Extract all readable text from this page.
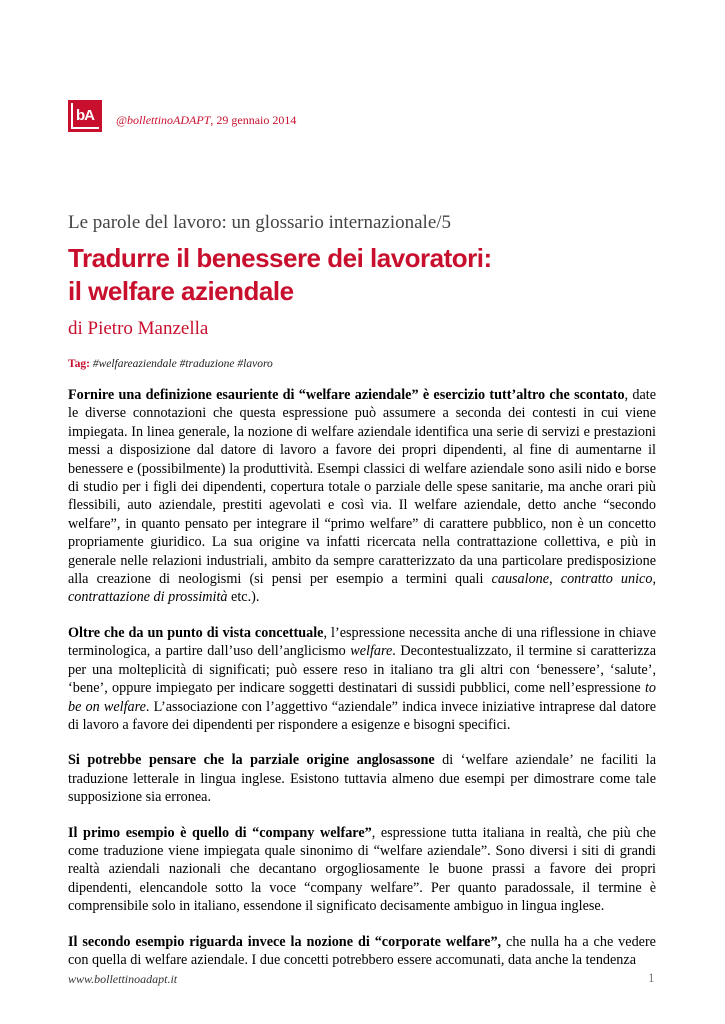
bA	@bollettinoADAPT, 29 gennaio 2014
Le parole del lavoro: un glossario internazionale/5
Tradurre il benessere dei lavoratori:
il welfare aziendale
di Pietro Manzella
Tag: #welfareaziendale #traduzione #lavoro

Fornire una definizione esauriente di “welfare aziendale” è esercizio tutt’altro che scontato, date le diverse connotazioni che questa espressione può assumere a seconda dei contesti in cui viene impiegata. In linea generale, la nozione di welfare aziendale identifica una serie di servizi e prestazioni messi a disposizione dal datore di lavoro a favore dei propri dipendenti, al fine di aumentarne il benessere e (possibilmente) la produttività. Esempi classici di welfare aziendale sono asili nido e borse di studio per i figli dei dipendenti, copertura totale o parziale delle spese sanitarie, ma anche orari più flessibili, auto aziendale, prestiti agevolati e così via. Il welfare aziendale, detto anche “secondo welfare”, in quanto pensato per integrare il “primo welfare” di carattere pubblico, non è un concetto propriamente giuridico. La sua origine va infatti ricercata nella contrattazione collettiva, e più in generale nelle relazioni industriali, ambito da sempre caratterizzato da una particolare predisposizione alla creazione di neologismi (si pensi per esempio a termini quali causalone, contratto unico, contrattazione di prossimità etc.).

Oltre che da un punto di vista concettuale, l’espressione necessita anche di una riflessione in chiave terminologica, a partire dall’uso dell’anglicismo welfare. Decontestualizzato, il termine si caratterizza per una molteplicità di significati; può essere reso in italiano tra gli altri con ‘benessere’, ‘salute’, ‘bene’, oppure impiegato per indicare soggetti destinatari di sussidi pubblici, come nell’espressione to be on welfare. L’associazione con l’aggettivo “aziendale” indica invece iniziative intraprese dal datore di lavoro a favore dei dipendenti per rispondere a esigenze e bisogni specifici.

Si potrebbe pensare che la parziale origine anglosassone di ‘welfare aziendale’ ne faciliti la traduzione letterale in lingua inglese. Esistono tuttavia almeno due esempi per dimostrare come tale supposizione sia erronea.

Il primo esempio è quello di “company welfare”, espressione tutta italiana in realtà, che più che come traduzione viene impiegata quale sinonimo di “welfare aziendale”. Sono diversi i siti di grandi realtà aziendali nazionali che decantano orgogliosamente le buone prassi a favore dei propri dipendenti, elencandole sotto la voce “company welfare”. Per quanto paradossale, il termine è comprensibile solo in italiano, essendone il significato decisamente ambiguo in lingua inglese.

Il secondo esempio riguarda invece la nozione di “corporate welfare”, che nulla ha a che vedere con quella di welfare aziendale. I due concetti potrebbero essere accomunati, data anche la tendenza

www.bollettinoadapt.it	1
